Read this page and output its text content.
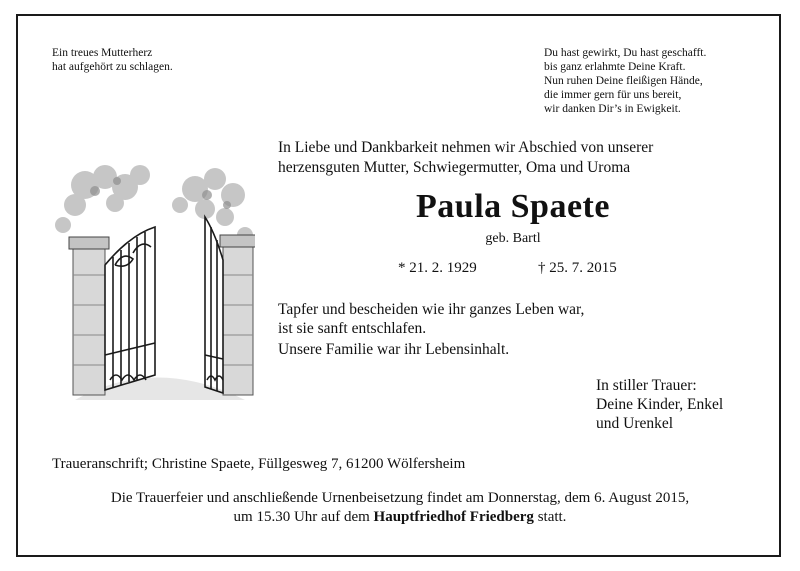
Ein treues Mutterherz
hat aufgehört zu schlagen.
Du hast gewirkt, Du hast geschafft.
bis ganz erlahmte Deine Kraft.
Nun ruhen Deine fleißigen Hände,
die immer gern für uns bereit,
wir danken Dir’s in Ewigkeit.
In Liebe und Dankbarkeit nehmen wir Abschied von unserer
herzensguten Mutter, Schwiegermutter, Oma und Uroma
Paula Spaete
geb. Bartl
* 21. 2. 1929	† 25. 7. 2015
Tapfer und bescheiden wie ihr ganzes Leben war,
ist sie sanft entschlafen.
Unsere Familie war ihr Lebensinhalt.
In stiller Trauer:
Deine Kinder, Enkel
und Urenkel
Traueranschrift; Christine Spaete, Füllgesweg 7, 61200 Wölfersheim
Die Trauerfeier und anschließende Urnenbeisetzung findet am Donnerstag, dem 6. August 2015,
um 15.30 Uhr auf dem Hauptfriedhof Friedberg statt.
